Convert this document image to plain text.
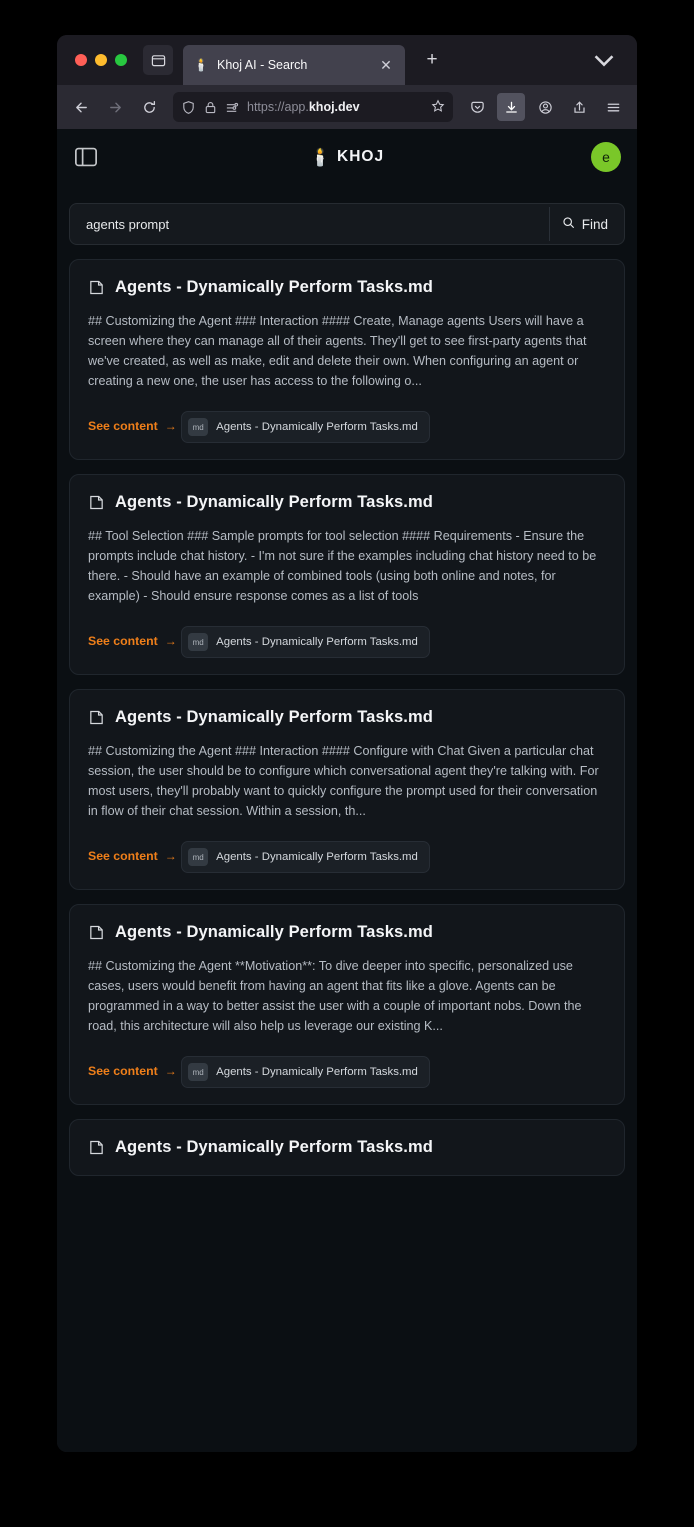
🕯️ Khoj AI - Search	✕	+
https://app.khoj.dev
🕯️ KHOJ	e
agents prompt
Find
Agents - Dynamically Perform Tasks.md
## Customizing the Agent ### Interaction #### Create, Manage agents Users will have a screen where they can manage all of their agents. They'll get to see first-party agents that we've created, as well as make, edit and delete their own. When configuring an agent or creating a new one, the user has access to the following o...
See content →
	md	Agents - Dynamically Perform Tasks.md
Agents - Dynamically Perform Tasks.md
## Tool Selection ### Sample prompts for tool selection #### Requirements - Ensure the prompts include chat history. - I'm not sure if the examples including chat history need to be there. - Should have an example of combined tools (using both online and notes, for example) - Should ensure response comes as a list of tools
See content →
	md	Agents - Dynamically Perform Tasks.md
Agents - Dynamically Perform Tasks.md
## Customizing the Agent ### Interaction #### Configure with Chat Given a particular chat session, the user should be to configure which conversational agent they're talking with. For most users, they'll probably want to quickly configure the prompt used for their conversation in flow of their chat session. Within a session, th...
See content →
	md	Agents - Dynamically Perform Tasks.md
Agents - Dynamically Perform Tasks.md
## Customizing the Agent **Motivation**: To dive deeper into specific, personalized use cases, users would benefit from having an agent that fits like a glove. Agents can be programmed in a way to better assist the user with a couple of important nobs. Down the road, this architecture will also help us leverage our existing K...
See content →
	md	Agents - Dynamically Perform Tasks.md
Agents - Dynamically Perform Tasks.md
